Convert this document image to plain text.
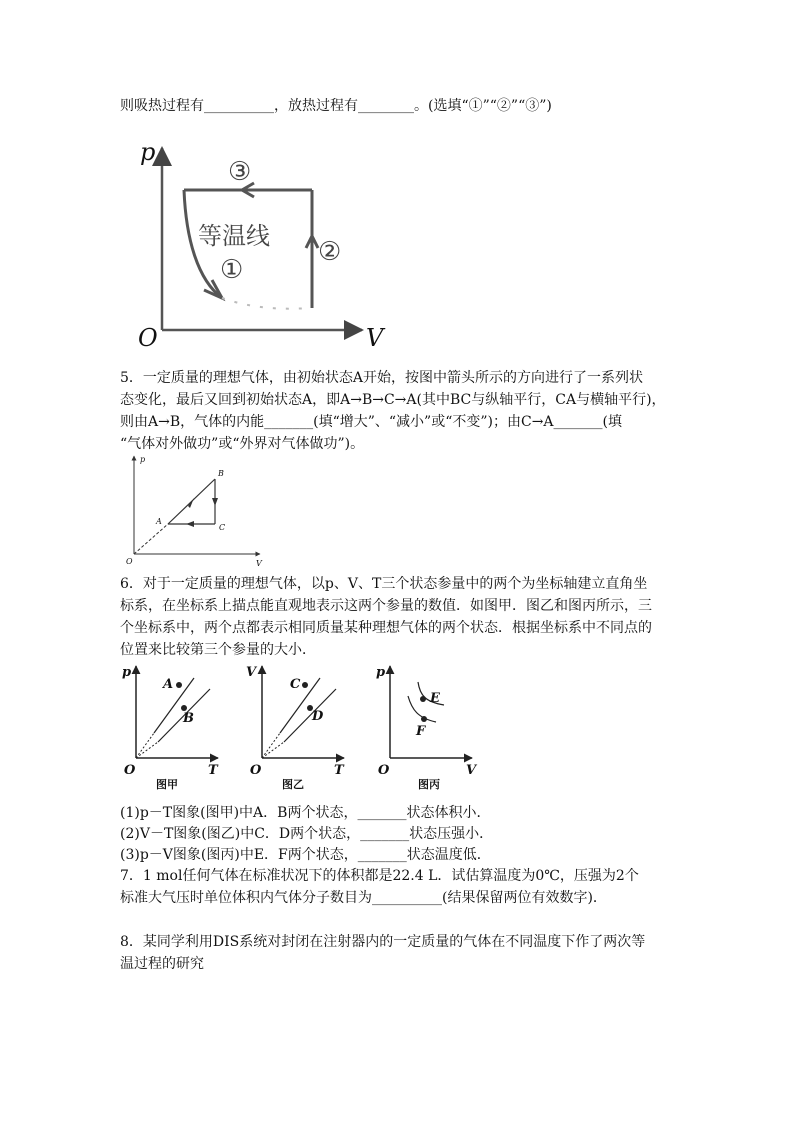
则吸热过程有__________，放热过程有________。(选填“①”“②”“③”)
p
V
O
等温线
①
②
③
5．一定质量的理想气体，由初始状态A开始，按图中箭头所示的方向进行了一系列状
态变化，最后又回到初始状态A，即A→B→C→A(其中BC与纵轴平行，CA与横轴平行)，
则由A→B，气体的内能_______(填“增大”、“减小”或“不变”)；由C→A_______(填
“气体对外做功”或“外界对气体做功”)。
p
V
O
A
B
C
6．对于一定质量的理想气体，以p、V、T三个状态参量中的两个为坐标轴建立直角坐
标系，在坐标系上描点能直观地表示这两个参量的数值．如图甲．图乙和图丙所示，三
个坐标系中，两个点都表示相同质量某种理想气体的两个状态．根据坐标系中不同点的
位置来比较第三个参量的大小．
p
T
O
A
B
图甲
V
T
O
C
D
图乙
p
V
O
E
F
图丙
(1)p－T图象(图甲)中A．B两个状态，_______状态体积小．
(2)V－T图象(图乙)中C．D两个状态，_______状态压强小．
(3)p－V图象(图丙)中E．F两个状态，_______状态温度低．
7．1 mol任何气体在标准状况下的体积都是22.4 L．试估算温度为0℃，压强为2个
标准大气压时单位体积内气体分子数目为__________(结果保留两位有效数字)．
8．某同学利用DIS系统对封闭在注射器内的一定质量的气体在不同温度下作了两次等
温过程的研究
